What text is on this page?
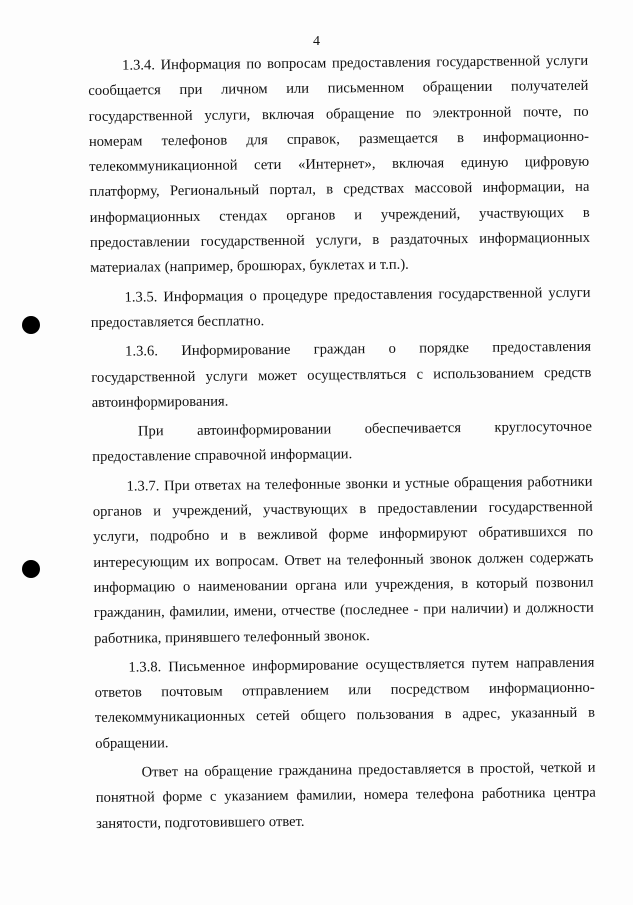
4

1.3.4. Информация по вопросам предоставления государственной услуги сообщается при личном или письменном обращении получателей государственной услуги, включая обращение по электронной почте, по номерам телефонов для справок, размещается в информационно-телекоммуникационной сети «Интернет», включая единую цифровую платформу, Региональный портал, в средствах массовой информации, на информационных стендах органов и учреждений, участвующих в предоставлении государственной услуги, в раздаточных информационных материалах (например, брошюрах, буклетах и т.п.).

1.3.5. Информация о процедуре предоставления государственной услуги предоставляется бесплатно.

1.3.6. Информирование граждан о порядке предоставления государственной услуги может осуществляться с использованием средств автоинформирования.

При автоинформировании обеспечивается круглосуточное предоставление справочной информации.

1.3.7. При ответах на телефонные звонки и устные обращения работники органов и учреждений, участвующих в предоставлении государственной услуги, подробно и в вежливой форме информируют обратившихся по интересующим их вопросам. Ответ на телефонный звонок должен содержать информацию о наименовании органа или учреждения, в который позвонил гражданин, фамилии, имени, отчестве (последнее - при наличии) и должности работника, принявшего телефонный звонок.

1.3.8. Письменное информирование осуществляется путем направления ответов почтовым отправлением или посредством информационно-телекоммуникационных сетей общего пользования в адрес, указанный в обращении.

Ответ на обращение гражданина предоставляется в простой, четкой и понятной форме с указанием фамилии, номера телефона работника центра занятости, подготовившего ответ.
